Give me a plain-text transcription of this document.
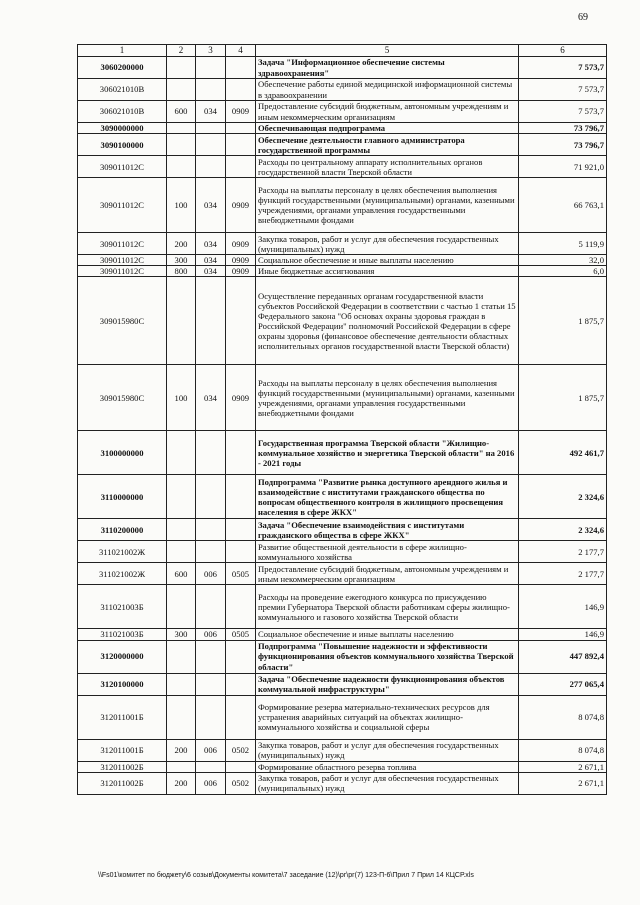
69
1	2	3	4	5	6
3060200000				Задача "Информационное обеспечение системы здравоохранения"	7 573,7
306021010В				Обеспечение работы единой медицинской информационной системы в здравоохранении	7 573,7
306021010В	600	034	0909	Предоставление субсидий бюджетным, автономным учреждениям и иным некоммерческим организациям	7 573,7
3090000000				Обеспечивающая подпрограмма	73 796,7
3090100000				Обеспечение деятельности главного администратора государственной программы	73 796,7
309011012С				Расходы по центральному аппарату исполнительных органов государственной власти Тверской области	71 921,0
309011012С	100	034	0909	Расходы на выплаты персоналу в целях обеспечения выполнения функций государственными (муниципальными) органами, казенными учреждениями, органами управления государственными внебюджетными фондами	66 763,1
309011012С	200	034	0909	Закупка товаров, работ и услуг для обеспечения государственных (муниципальных) нужд	5 119,9
309011012С	300	034	0909	Социальное обеспечение и иные выплаты населению	32,0
309011012С	800	034	0909	Иные бюджетные ассигнования	6,0
309015980С				Осуществление переданных органам государственной власти субъектов Российской Федерации в соответствии с частью 1 статьи 15 Федерального закона "Об основах охраны здоровья граждан в Российской Федерации" полномочий Российской Федерации в сфере охраны здоровья (финансовое обеспечение деятельности областных исполнительных органов государственной власти Тверской области)	1 875,7
309015980С	100	034	0909	Расходы на выплаты персоналу в целях обеспечения выполнения функций государственными (муниципальными) органами, казенными учреждениями, органами управления государственными внебюджетными фондами	1 875,7
3100000000				Государственная программа Тверской области "Жилищно-коммунальное хозяйство и энергетика Тверской области" на 2016 - 2021 годы	492 461,7
3110000000				Подпрограмма "Развитие рынка доступного арендного жилья и взаимодействие с институтами гражданского общества по вопросам общественного контроля в жилищного просвещения населения в сфере ЖКХ"	2 324,6
3110200000				Задача "Обеспечение взаимодействия с институтами гражданского общества в сфере ЖКХ"	2 324,6
311021002Ж				Развитие общественной деятельности в сфере жилищно-коммунального хозяйства	2 177,7
311021002Ж	600	006	0505	Предоставление субсидий бюджетным, автономным учреждениям и иным некоммерческим организациям	2 177,7
311021003Б				Расходы на проведение ежегодного конкурса по присуждению премии Губернатора Тверской области работникам сферы жилищно-коммунального и газового хозяйства Тверской области	146,9
311021003Б	300	006	0505	Социальное обеспечение и иные выплаты населению	146,9
3120000000				Подпрограмма "Повышение надежности и эффективности функционирования объектов коммунального хозяйства Тверской области"	447 892,4
3120100000				Задача "Обеспечение надежности функционирования объектов коммунальной инфраструктуры"	277 065,4
312011001Б				Формирование резерва материально-технических ресурсов для устранения аварийных ситуаций на объектах жилищно-коммунального хозяйства и социальной сферы	8 074,8
312011001Б	200	006	0502	Закупка товаров, работ и услуг для обеспечения государственных (муниципальных) нужд	8 074,8
312011002Б				Формирование областного резерва топлива	2 671,1
312011002Б	200	006	0502	Закупка товаров, работ и услуг для обеспечения государственных (муниципальных) нужд	2 671,1
\\Fs01\комитет по бюджету\6 созыв\Документы комитета\7 заседание (12)\рг\рг(7) 123-П-6\Прил 7 Прил 14 КЦСР.xls
